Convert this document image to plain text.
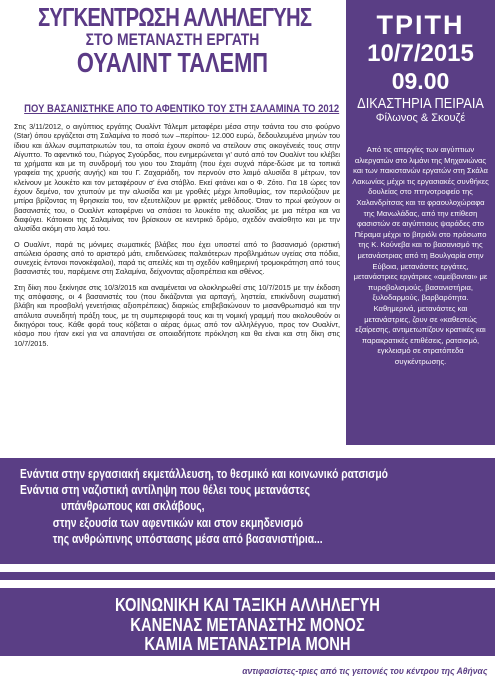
ΣΥΓΚΕΝΤΡΩΣΗ ΑΛΛΗΛΕΓΥΗΣ
ΣΤΟ ΜΕΤΑΝΑΣΤΗ ΕΡΓΑΤΗ
ΟΥΑΛΙΝΤ ΤΑΛΕΜΠ
ΠΟΥ ΒΑΣΑΝΙΣΤΗΚΕ ΑΠΟ ΤΟ ΑΦΕΝΤΙΚΟ ΤΟΥ ΣΤΗ ΣΑΛΑΜΙΝΑ ΤΟ 2012

Στις 3/11/2012, ο αιγύπτιος εργάτης Ουαλίντ Τάλεμπ μεταφέρει μέσα στην τσάντα του στο φούρνο (Star) όπου εργάζεται στη Σαλαμίνα το ποσό των –περίπου- 12.000 ευρώ, δεδουλευμένα μηνών του ίδιου και άλλων συμπατριωτών του, τα οποία έχουν σκοπό να στείλουν στις οικογένειές τους στην Αίγυπτο. Το αφεντικό του, Γιώργος Σγούρδας, που ενημερώνεται γι' αυτό από τον Ουαλίντ του κλέβει τα χρήματα και με τη συνδρομή του γιου του Σταμάτη (που έχει συχνά πάρε-δώσε με τα τοπικά γραφεία της χρυσής αυγής) και του Γ. Ζαχαριάδη, τον περνούν στο λαιμό αλυσίδα 8 μέτρων, τον κλείνουν με λουκέτο και τον μεταφέρουν σ' ένα στάβλο. Εκεί φτάνει και ο Φ. Ζότο. Για 18 ώρες τον έχουν δεμένο, τον χτυπούν με την αλυσίδα και με γροθιές μέχρι λιποθυμίας, τον περιλούζουν με μπίρα βρίζοντας τη θρησκεία του, τον εξευτελίζουν με φρικτές μεθόδους. Όταν το πρωί φεύγουν οι βασανιστές του, ο Ουαλίντ καταφέρνει να σπάσει το λουκέτο της αλυσίδας με μια πέτρα και να διαφύγει. Κάτοικοι της Σαλαμίνας τον βρίσκουν σε κεντρικό δρόμο, σχεδόν αναίσθητο και με την αλυσίδα ακόμη στο λαιμό του.

Ο Ουαλίντ, παρά τις μόνιμες σωματικές βλάβες που έχει υποστεί από το βασανισμό (οριστική απώλεια όρασης από το αριστερό μάτι, επιδεινώσεις παλαιότερων προβλημάτων υγείας στα πόδια, συνεχείς έντονοι πονοκέφαλοι), παρά τις απειλές και τη σχεδόν καθημερινή τρομοκράτηση από τους βασανιστές του, παρέμεινε στη Σαλαμίνα, δείχνοντας αξιοπρέπεια και σθένος.

Στη δίκη που ξεκίνησε στις 10/3/2015 και αναμένεται να ολοκληρωθεί στις 10/7/2015 με την έκδοση της απόφασης, οι 4 βασανιστές του (που δικάζονται για αρπαγή, ληστεία, επικίνδυνη σωματική βλάβη και προσβολή γενετήσιας αξιοπρέπειας) διαρκώς επιβεβαιώνουν το μισανθρωπισμό και την απόλυτα συνειδητή πράξη τους, με τη συμπεριφορά τους και τη νομική γραμμή που ακολουθούν οι δικηγόροι τους. Κάθε φορά τους κόβεται ο αέρας όμως από τον αλληλέγγυο, προς τον Ουαλίντ, κόσμο που ήταν εκεί για να απαντήσει σε οποιαδήποτε πρόκληση και θα είναι και στη δίκη στις 10/7/2015.

ΤΡΙΤΗ
10/7/2015
09.00
ΔΙΚΑΣΤΗΡΙΑ ΠΕΙΡΑΙΑ
Φίλωνος & Σκουζέ
Από τις απεργίες των αιγύπτιων αλιεργατών στο λιμάνι της Μηχανιώνας και των πακιστανών εργατών στη Σκάλα Λακωνίας μέχρι τις εργασιακές συνθήκες δουλείας στο πτηνοτροφείο της Χαλανδρίτσας και τα φραουλοχώραφα της Μανωλάδας, από την επίθεση φασιστών σε αιγύπτιους ψαράδες στο Πέραμα μέχρι το βιτριόλι στο πρόσωπο της Κ. Κούνεβα και το βασανισμό της μετανάστριας από τη Βουλγαρία στην Εύβοια, μετανάστες εργάτες, μετανάστριες εργάτριες «αμείβονται» με πυροβολισμούς, βασανιστήρια, ξυλοδαρμούς, βαρβαρότητα. Καθημερινά, μετανάστες και μετανάστριες, ζουν σε «καθεστώς εξαίρεσης, αντιμετωπίζουν κρατικές και παρακρατικές επιθέσεις, ρατσισμό, εγκλεισμό σε στρατόπεδα συγκέντρωσης.
Ενάντια στην εργασιακή εκμετάλλευση, το θεσμικό και κοινωνικό ρατσισμό
Ενάντια στη ναζιστική αντίληψη που θέλει τους μετανάστες
υπάνθρωπους και σκλάβους,
στην εξουσία των αφεντικών και στον εκμηδενισμό
της ανθρώπινης υπόστασης μέσα από βασανιστήρια...
ΚΟΙΝΩΝΙΚΗ ΚΑΙ ΤΑΞΙΚΗ ΑΛΛΗΛΕΓΥΗ
ΚΑΝΕΝΑΣ ΜΕΤΑΝΑΣΤΗΣ ΜΟΝΟΣ
ΚΑΜΙΑ ΜΕΤΑΝΑΣΤΡΙΑ ΜΟΝΗ
αντιφασίστες-τριες από τις γειτονιές του κέντρου της Αθήνας
